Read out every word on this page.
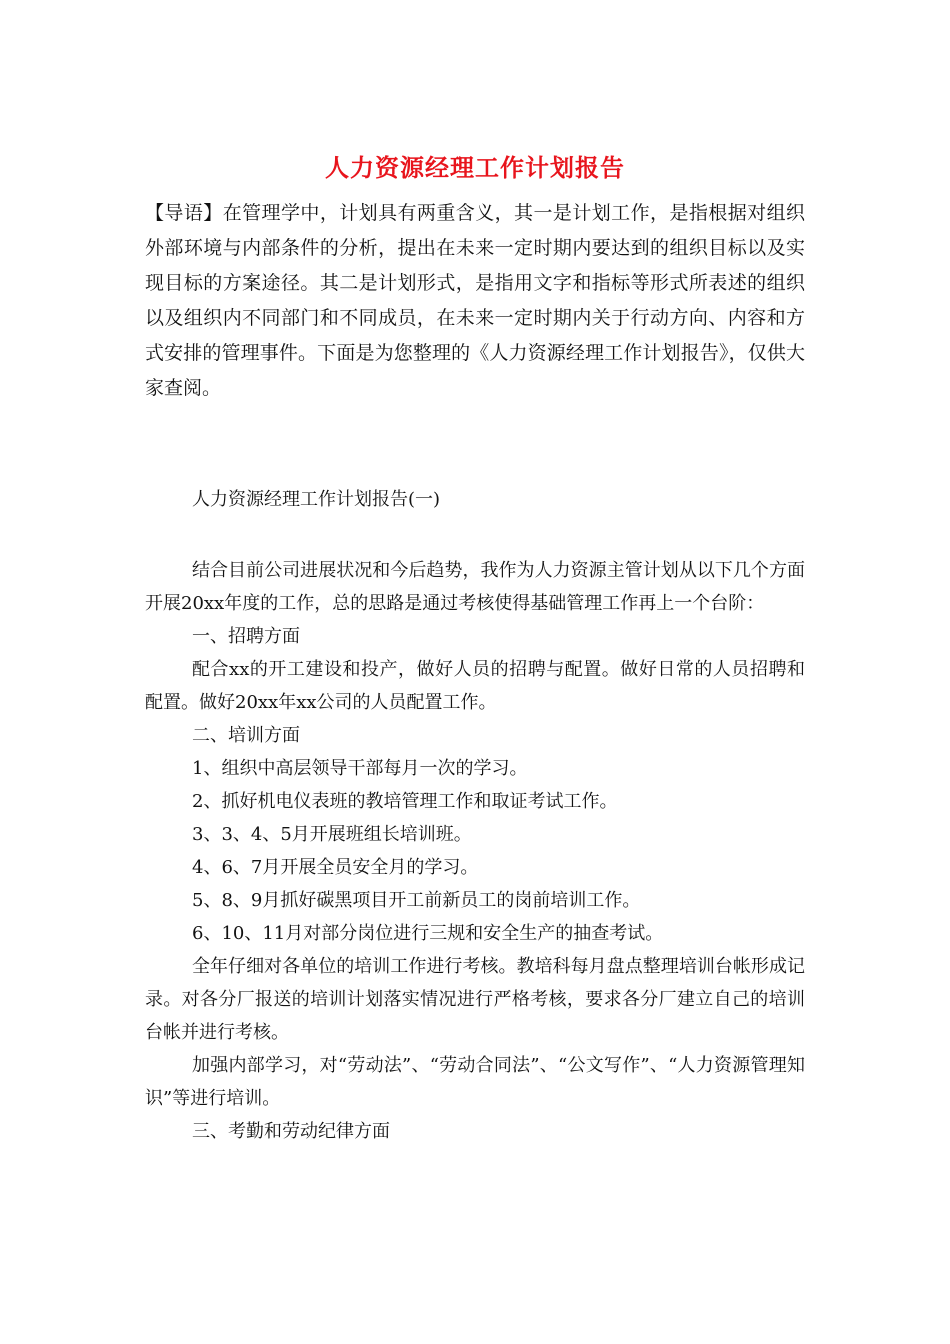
人力资源经理工作计划报告
【导语】在管理学中，计划具有两重含义，其一是计划工作，是指根据对组织外部环境与内部条件的分析，提出在未来一定时期内要达到的组织目标以及实现目标的方案途径。其二是计划形式，是指用文字和指标等形式所表述的组织以及组织内不同部门和不同成员，在未来一定时期内关于行动方向、内容和方式安排的管理事件。下面是为您整理的《人力资源经理工作计划报告》，仅供大家查阅。
人力资源经理工作计划报告(一)

结合目前公司进展状况和今后趋势，我作为人力资源主管计划从以下几个方面开展20xx年度的工作，总的思路是通过考核使得基础管理工作再上一个台阶：

一、招聘方面

配合xx的开工建设和投产，做好人员的招聘与配置。做好日常的人员招聘和配置。做好20xx年xx公司的人员配置工作。

二、培训方面

1、组织中高层领导干部每月一次的学习。

2、抓好机电仪表班的教培管理工作和取证考试工作。

3、3、4、5月开展班组长培训班。

4、6、7月开展全员安全月的学习。

5、8、9月抓好碳黑项目开工前新员工的岗前培训工作。

6、10、11月对部分岗位进行三规和安全生产的抽查考试。

全年仔细对各单位的培训工作进行考核。教培科每月盘点整理培训台帐形成记录。对各分厂报送的培训计划落实情况进行严格考核，要求各分厂建立自己的培训台帐并进行考核。

加强内部学习，对“劳动法”、“劳动合同法”、“公文写作”、“人力资源管理知识”等进行培训。

三、考勤和劳动纪律方面
